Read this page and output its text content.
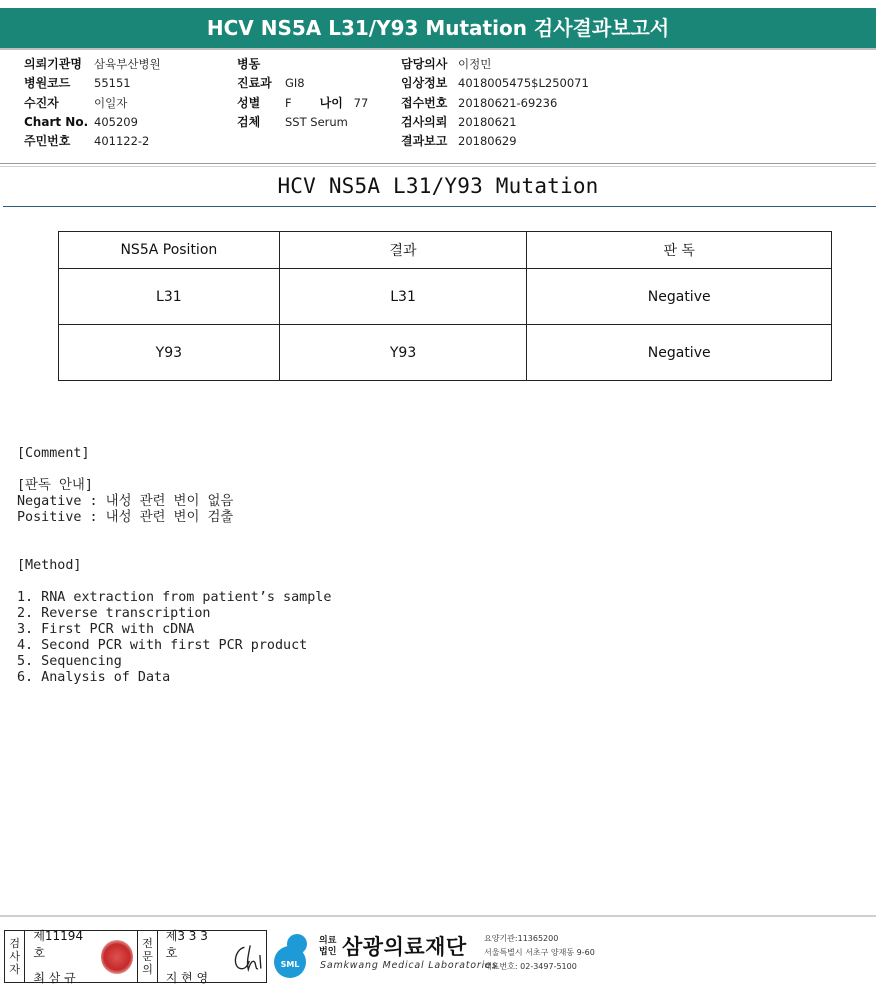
HCV NS5A L31/Y93 Mutation 검사결과보고서
의뢰기관명	삼육부산병원
병원코드	55151
수진자	이일자
Chart No. 405209
주민번호	401122-2
병동
진료과	GI8
성별	F 나이 77
검체	SST Serum
담당의사 이정민
임상정보 4018005475$L250071
접수번호 20180621-69236
검사의뢰 20180621
결과보고 20180629
HCV NS5A L31/Y93 Mutation
NS5A Position	결과	판 독
L31	L31	Negative
Y93	Y93	Negative
[Comment]
[판독 안내]
Negative : 내성 관련 변이 없음
Positive : 내성 관련 변이 검출
[Method]
1. RNA extraction from patient’s sample
2. Reverse transcription
3. First PCR with cDNA
4. Second PCR with first PCR product
5. Sequencing
6. Analysis of Data
검
사
자
제11194호
최 삼 규
전
문
의
제3 3 3 호
지 현 영
SML
의료
법인 삼광의료재단
Samkwang Medical Laboratories
요양기관:11365200
서울특별시 서초구 양재동 9-60
대표번호: 02-3497-5100
